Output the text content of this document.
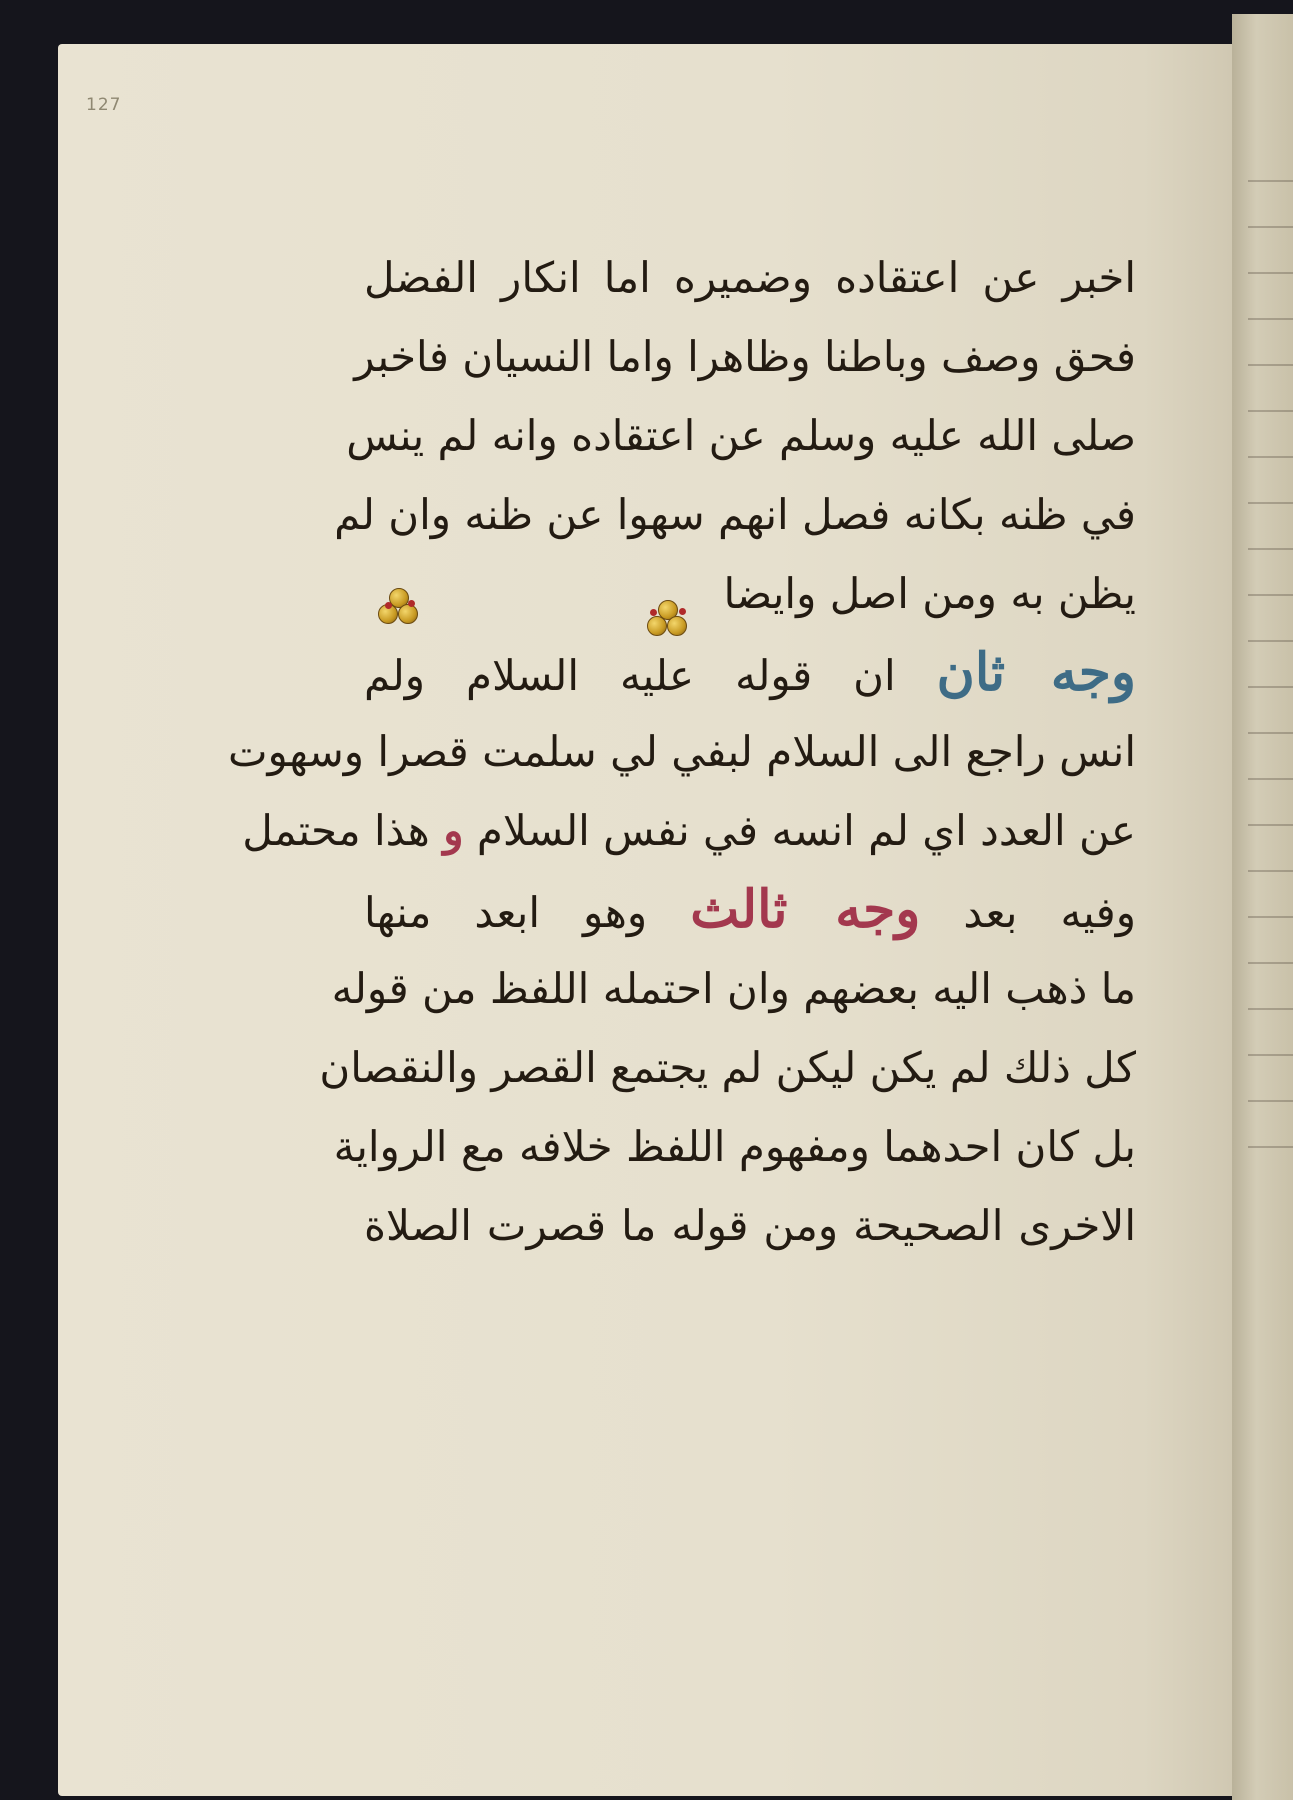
127
اخبر عن اعتقاده وضميره اما انكار الفضل
فحق وصف وباطنا وظاهرا واما النسيان فاخبر
صلى الله عليه وسلم عن اعتقاده وانه لم ينس
في ظنه بكانه فصل انهم سهوا عن ظنه وان لم
يظن به ومن اصل وايضا
وجه ثان ان قوله عليه السلام ولم
انس راجع الى السلام لبفي لي سلمت قصرا وسهوت
عن العدد اي لم انسه في نفس السلام و هذا محتمل
وفيه بعد وجه ثالث وهو ابعد منها
ما ذهب اليه بعضهم وان احتمله اللفظ من قوله
كل ذلك لم يكن ليكن لم يجتمع القصر والنقصان
بل كان احدهما ومفهوم اللفظ خلافه مع الرواية
الاخرى الصحيحة ومن قوله ما قصرت الصلاة
